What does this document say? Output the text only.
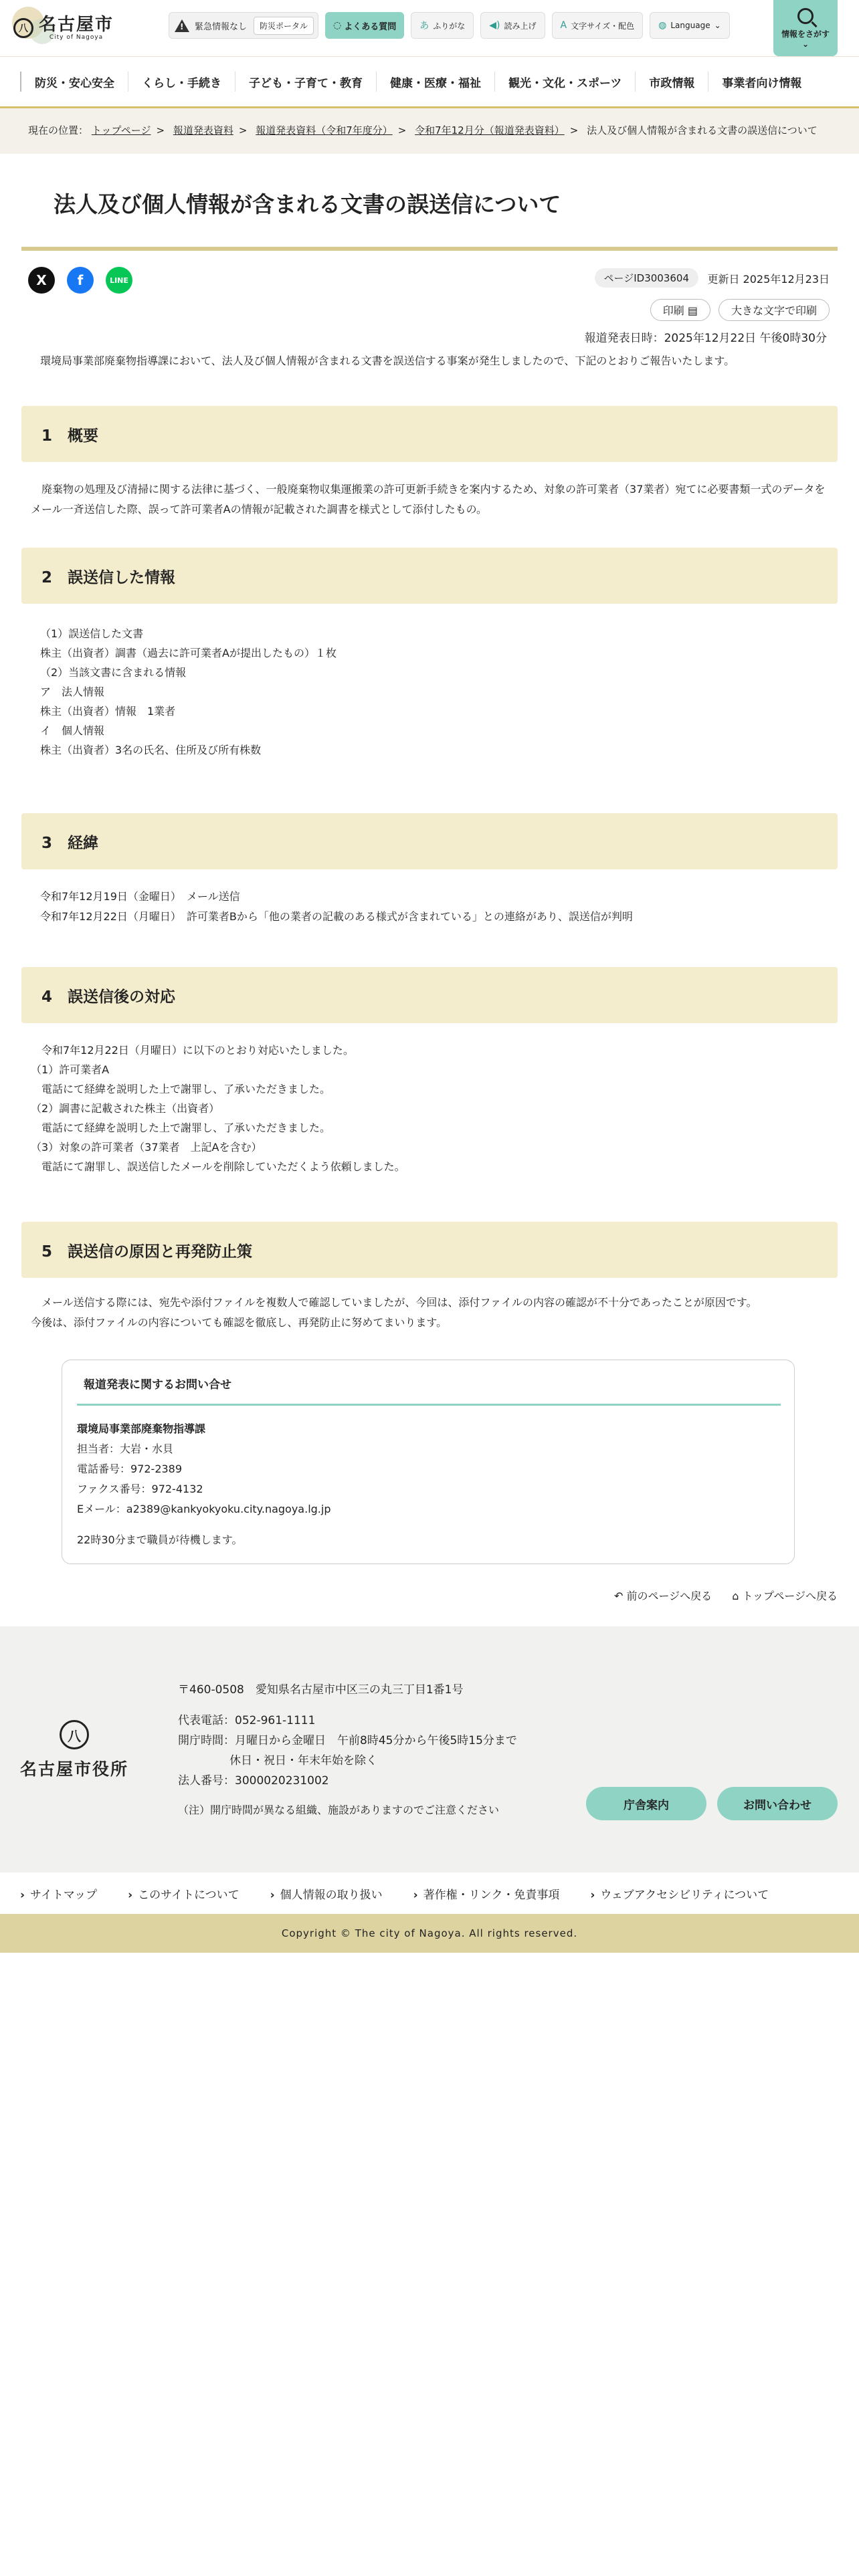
八 名古屋市
City of Nagoya
!
緊急情報なし	防災ポータル	◌ よくある質問	あ ふりがな	◀) 読み上げ	A 文字サイズ・配色	◍ Language ⌄
情報をさがす
⌄
防災・安心安全	くらし・手続き	子ども・子育て・教育	健康・医療・福祉	観光・文化・スポーツ	市政情報	事業者向け情報
現在の位置： トップページ > 報道発表資料 > 報道発表資料（令和7年度分） > 令和7年12月分（報道発表資料） > 法人及び個人情報が含まれる文書の誤送信について
法人及び個人情報が含まれる文書の誤送信について
X	f	LINE	ページID3003604	更新日 2025年12月23日
印刷 ▤	大きな文字で印刷
報道発表日時：2025年12月22日 午後0時30分
環境局事業部廃棄物指導課において、法人及び個人情報が含まれる文書を誤送信する事案が発生しましたので、下記のとおりご報告いたします。
1　概要
　廃棄物の処理及び清掃に関する法律に基づく、一般廃棄物収集運搬業の許可更新手続きを案内するため、対象の許可業者（37業者）宛てに必要書類一式のデータをメール一斉送信した際、誤って許可業者Aの情報が記載された調書を様式として添付したもの。
2　誤送信した情報
（1）誤送信した文書
株主（出資者）調書（過去に許可業者Aが提出したもの）１枚
（2）当該文書に含まれる情報
ア　法人情報
株主（出資者）情報　1業者
イ　個人情報
株主（出資者）3名の氏名、住所及び所有株数
3　経緯
令和7年12月19日（金曜日）　メール送信
令和7年12月22日（月曜日）　許可業者Bから「他の業者の記載のある様式が含まれている」との連絡があり、誤送信が判明
4　誤送信後の対応
　令和7年12月22日（月曜日）に以下のとおり対応いたしました。
（1）許可業者A
　電話にて経緯を説明した上で謝罪し、了承いただきました。
（2）調書に記載された株主（出資者）
　電話にて経緯を説明した上で謝罪し、了承いただきました。
（3）対象の許可業者（37業者　上記Aを含む）
　電話にて謝罪し、誤送信したメールを削除していただくよう依頼しました。
5　誤送信の原因と再発防止策
　メール送信する際には、宛先や添付ファイルを複数人で確認していましたが、今回は、添付ファイルの内容の確認が不十分であったことが原因です。
今後は、添付ファイルの内容についても確認を徹底し、再発防止に努めてまいります。
報道発表に関するお問い合せ
環境局事業部廃棄物指導課
担当者：大岩・水貝
電話番号：972-2389
ファクス番号：972-4132
Eメール：a2389@kankyokyoku.city.nagoya.lg.jp
22時30分まで職員が待機します。
↶ 前のページへ戻る ⌂ トップページへ戻る
八
名古屋市役所
〒460-0508　愛知県名古屋市中区三の丸三丁目1番1号
代表電話：052-961-1111
開庁時間：月曜日から金曜日　午前8時45分から午後5時15分まで
休日・祝日・年末年始を除く
法人番号：3000020231002
（注）開庁時間が異なる組織、施設がありますのでご注意ください	庁舎案内	お問い合わせ
› サイトマップ	› このサイトについて	› 個人情報の取り扱い	› 著作権・リンク・免責事項	› ウェブアクセシビリティについて
Copyright © The city of Nagoya. All rights reserved.
